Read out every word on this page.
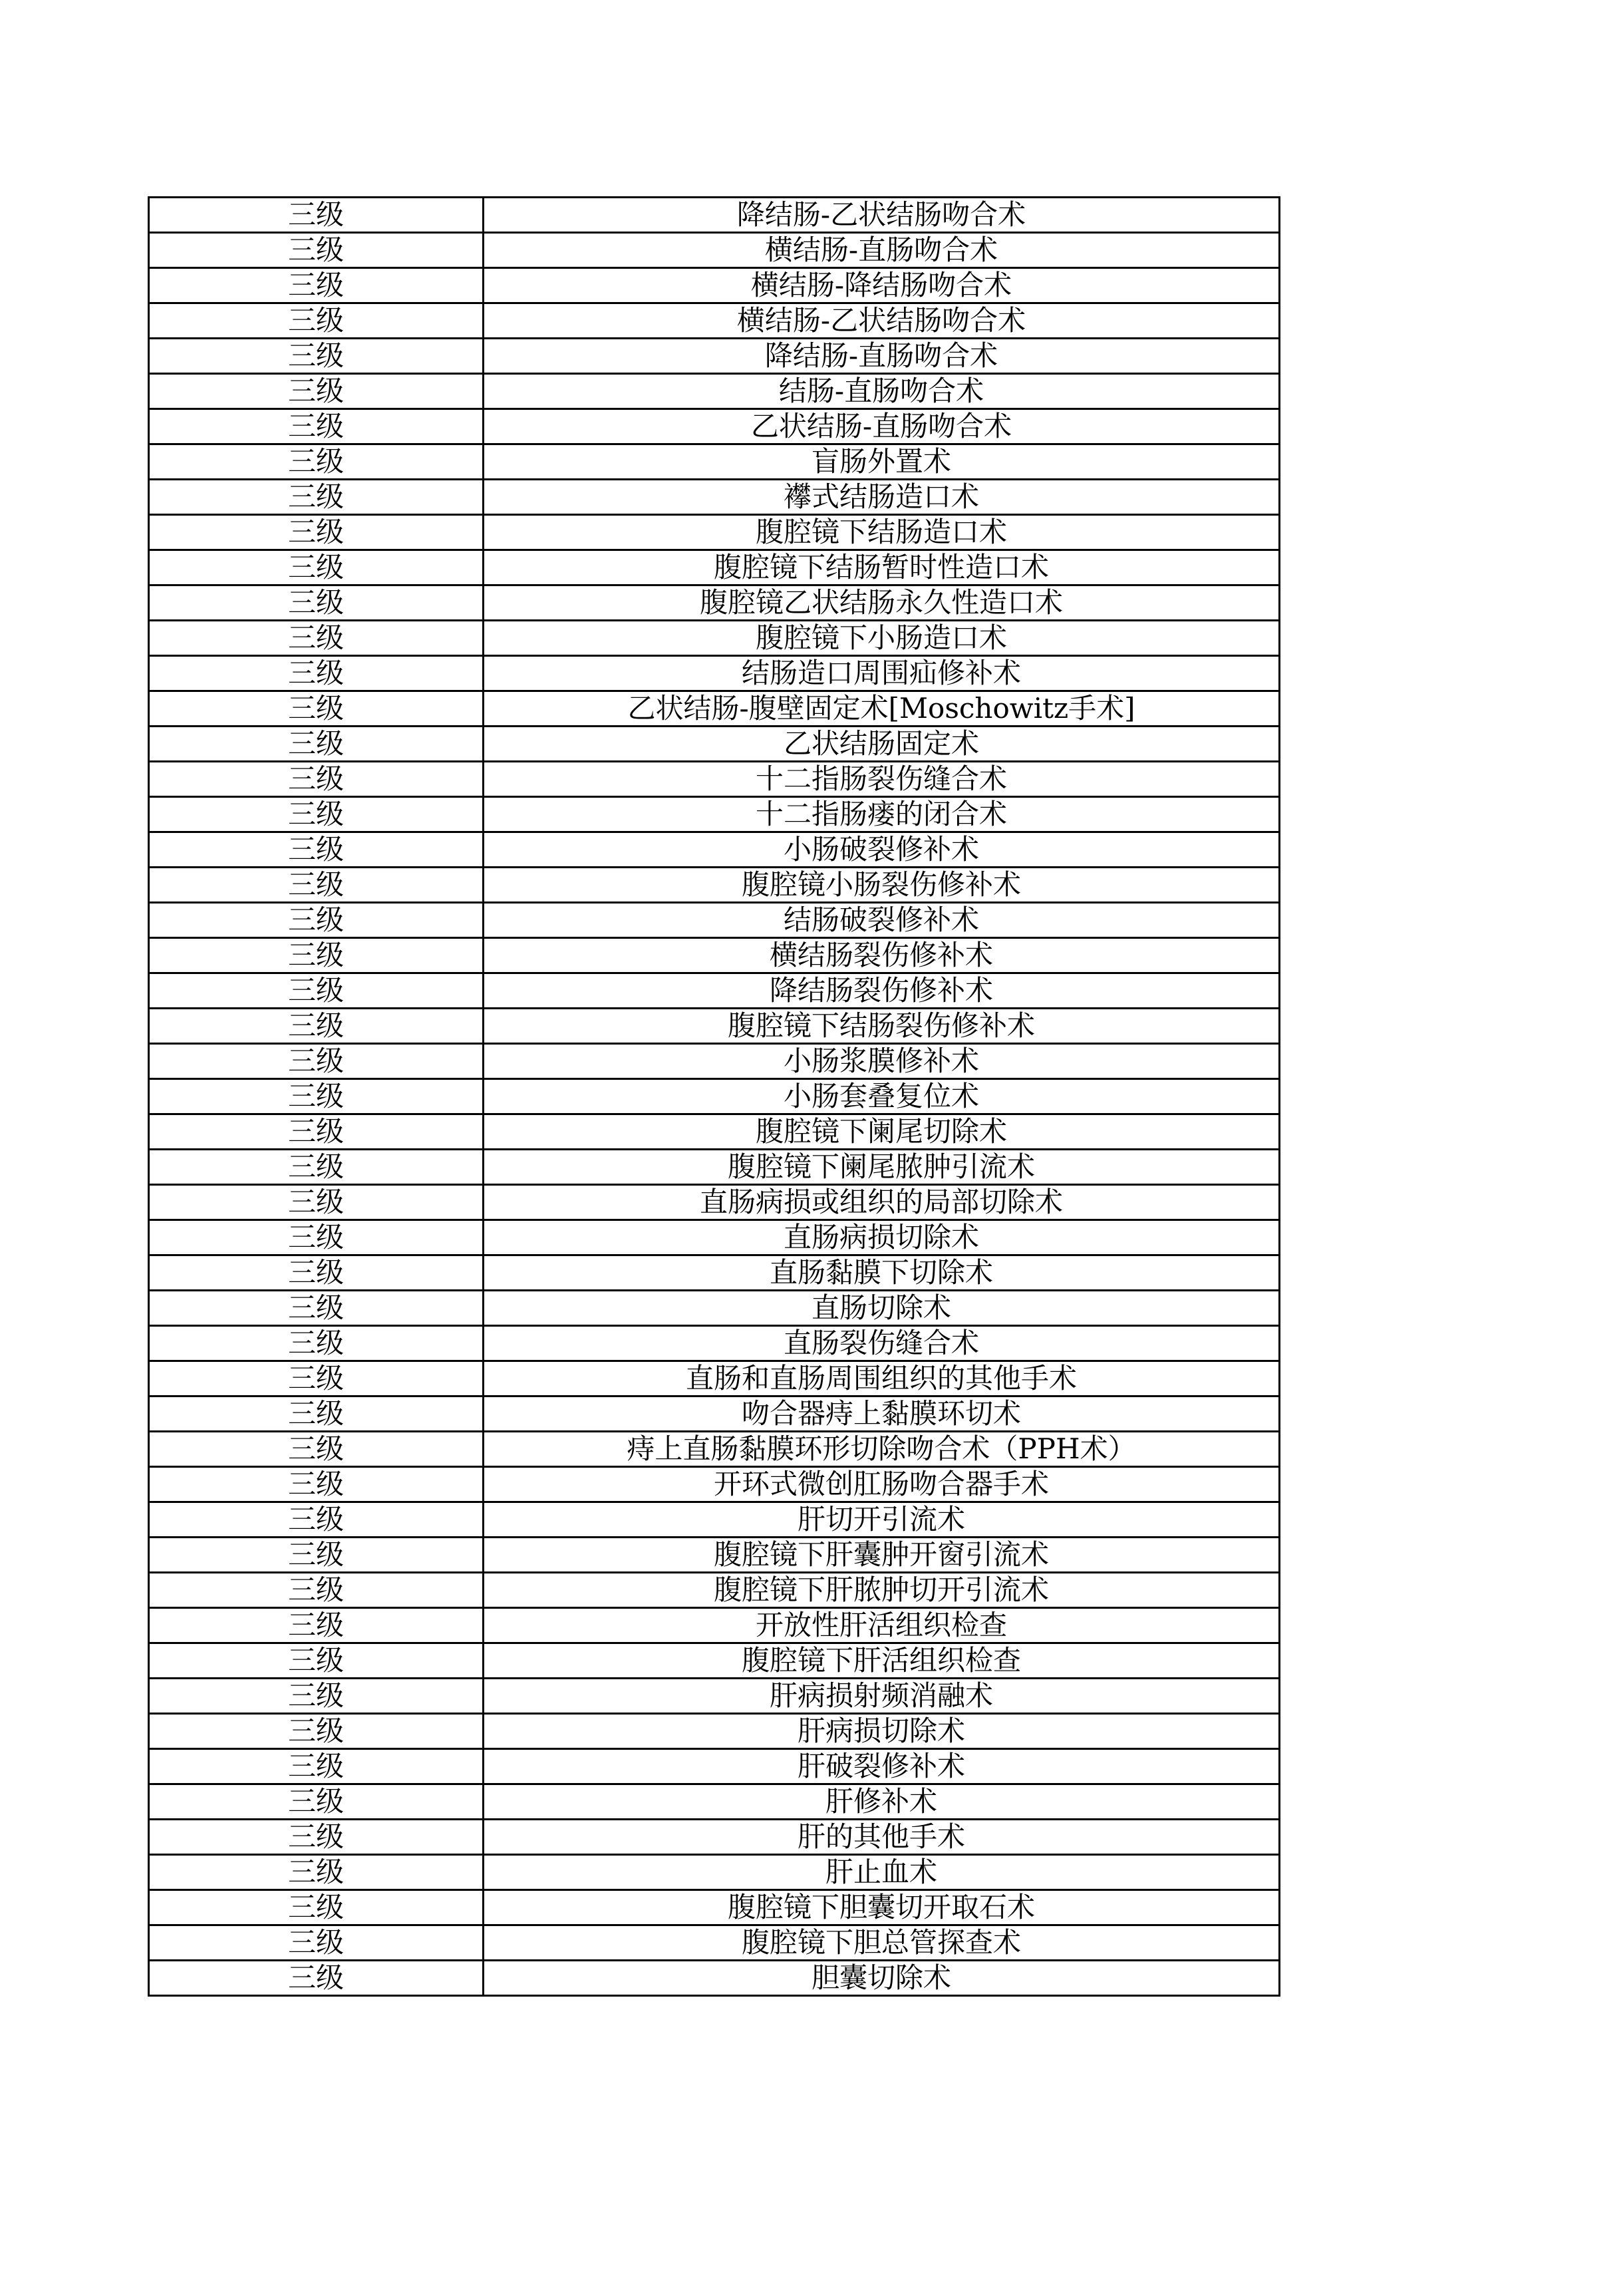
三级	降结肠-乙状结肠吻合术
三级	横结肠-直肠吻合术
三级	横结肠-降结肠吻合术
三级	横结肠-乙状结肠吻合术
三级	降结肠-直肠吻合术
三级	结肠-直肠吻合术
三级	乙状结肠-直肠吻合术
三级	盲肠外置术
三级	襻式结肠造口术
三级	腹腔镜下结肠造口术
三级	腹腔镜下结肠暂时性造口术
三级	腹腔镜乙状结肠永久性造口术
三级	腹腔镜下小肠造口术
三级	结肠造口周围疝修补术
三级	乙状结肠-腹壁固定术[Moschowitz手术]
三级	乙状结肠固定术
三级	十二指肠裂伤缝合术
三级	十二指肠瘘的闭合术
三级	小肠破裂修补术
三级	腹腔镜小肠裂伤修补术
三级	结肠破裂修补术
三级	横结肠裂伤修补术
三级	降结肠裂伤修补术
三级	腹腔镜下结肠裂伤修补术
三级	小肠浆膜修补术
三级	小肠套叠复位术
三级	腹腔镜下阑尾切除术
三级	腹腔镜下阑尾脓肿引流术
三级	直肠病损或组织的局部切除术
三级	直肠病损切除术
三级	直肠黏膜下切除术
三级	直肠切除术
三级	直肠裂伤缝合术
三级	直肠和直肠周围组织的其他手术
三级	吻合器痔上黏膜环切术
三级	痔上直肠黏膜环形切除吻合术（PPH术）
三级	开环式微创肛肠吻合器手术
三级	肝切开引流术
三级	腹腔镜下肝囊肿开窗引流术
三级	腹腔镜下肝脓肿切开引流术
三级	开放性肝活组织检查
三级	腹腔镜下肝活组织检查
三级	肝病损射频消融术
三级	肝病损切除术
三级	肝破裂修补术
三级	肝修补术
三级	肝的其他手术
三级	肝止血术
三级	腹腔镜下胆囊切开取石术
三级	腹腔镜下胆总管探查术
三级	胆囊切除术
